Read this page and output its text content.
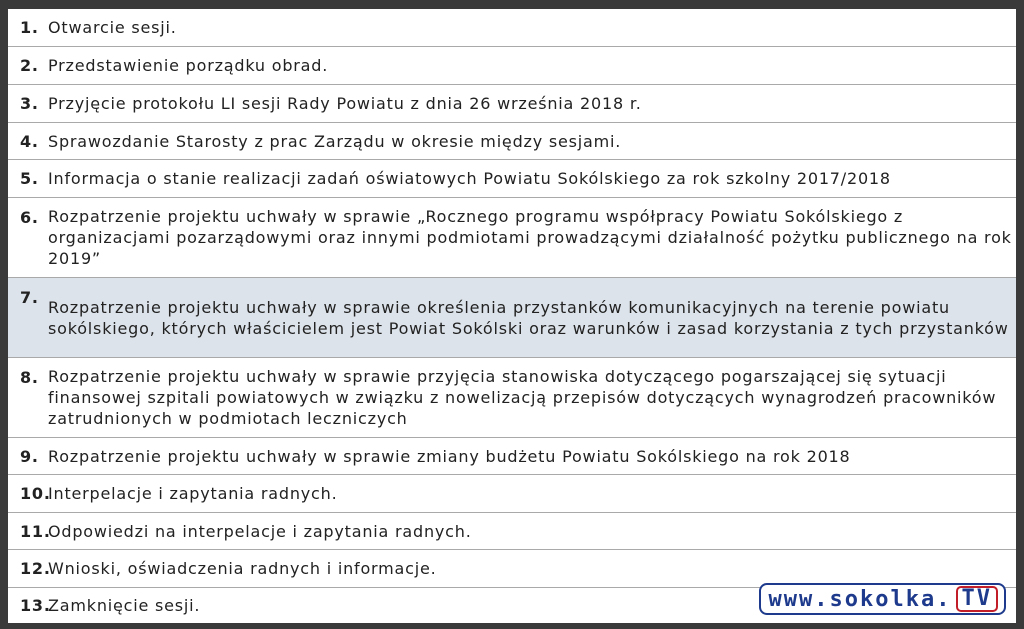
1. Otwarcie sesji.
2. Przedstawienie porządku obrad.
3. Przyjęcie protokołu LI sesji Rady Powiatu z dnia 26 września 2018 r.
4. Sprawozdanie Starosty z prac Zarządu w okresie między sesjami.
5. Informacja o stanie realizacji zadań oświatowych Powiatu Sokólskiego za rok szkolny 2017/2018
6. Rozpatrzenie projektu uchwały w sprawie „Rocznego programu współpracy Powiatu Sokólskiego z organizacjami pozarządowymi oraz innymi podmiotami prowadzącymi działalność pożytku publicznego na rok 2019”
7. Rozpatrzenie projektu uchwały w sprawie określenia przystanków komunikacyjnych na terenie powiatu sokólskiego, których właścicielem jest Powiat Sokólski oraz warunków i zasad korzystania z tych przystanków
8. Rozpatrzenie projektu uchwały w sprawie przyjęcia stanowiska dotyczącego pogarszającej się sytuacji finansowej szpitali powiatowych w związku z nowelizacją przepisów dotyczących wynagrodzeń pracowników zatrudnionych w podmiotach leczniczych
9. Rozpatrzenie projektu uchwały w sprawie zmiany budżetu Powiatu Sokólskiego na rok 2018
10.
Interpelacje i zapytania radnych.
11.
Odpowiedzi na interpelacje i zapytania radnych.
12.
Wnioski, oświadczenia radnych i informacje.
13.
Zamknięcie sesji.	www.sokolka. TV
